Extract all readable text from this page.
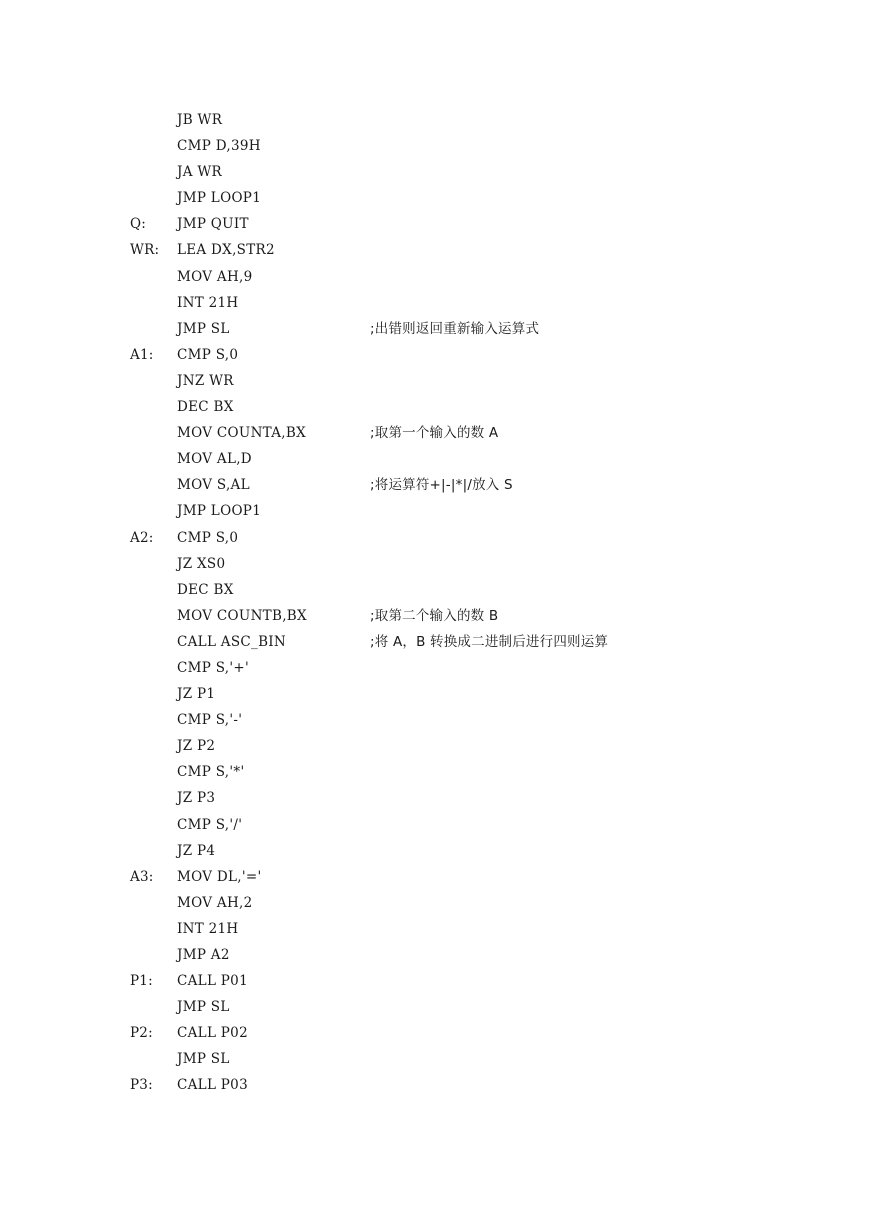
JB WR
CMP D,39H
JA WR
JMP LOOP1
Q: JMP QUIT
WR: LEA DX,STR2
MOV AH,9
INT 21H
JMP SL	;出错则返回重新输入运算式
A1: CMP S,0
JNZ WR
DEC BX
MOV COUNTA,BX	;取第一个输入的数 A
MOV AL,D
MOV S,AL	;将运算符+|-|*|/放入 S
JMP LOOP1
A2: CMP S,0
JZ XS0
DEC BX
MOV COUNTB,BX	;取第二个输入的数 B
CALL ASC_BIN	;将 A，B 转换成二进制后进行四则运算
CMP S,'+'
JZ P1
CMP S,'-'
JZ P2
CMP S,'*'
JZ P3
CMP S,'/'
JZ P4
A3: MOV DL,'='
MOV AH,2
INT 21H
JMP A2
P1: CALL P01
JMP SL
P2: CALL P02
JMP SL
P3: CALL P03
